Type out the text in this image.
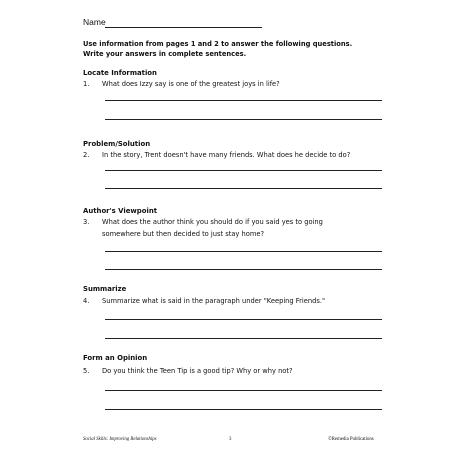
Name
Use information from pages 1 and 2 to answer the following questions.
Write your answers in complete sentences.
Locate Information
1. What does Izzy say is one of the greatest joys in life?
Problem/Solution
2. In the story, Trent doesn't have many friends. What does he decide to do?
Author's Viewpoint
3. What does the author think you should do if you said yes to going
somewhere but then decided to just stay home?
Summarize
4. Summarize what is said in the paragraph under "Keeping Friends."
Form an Opinion
5. Do you think the Teen Tip is a good tip? Why or why not?
Social Skills: Improving Relationships	3	©Remedia Publications
